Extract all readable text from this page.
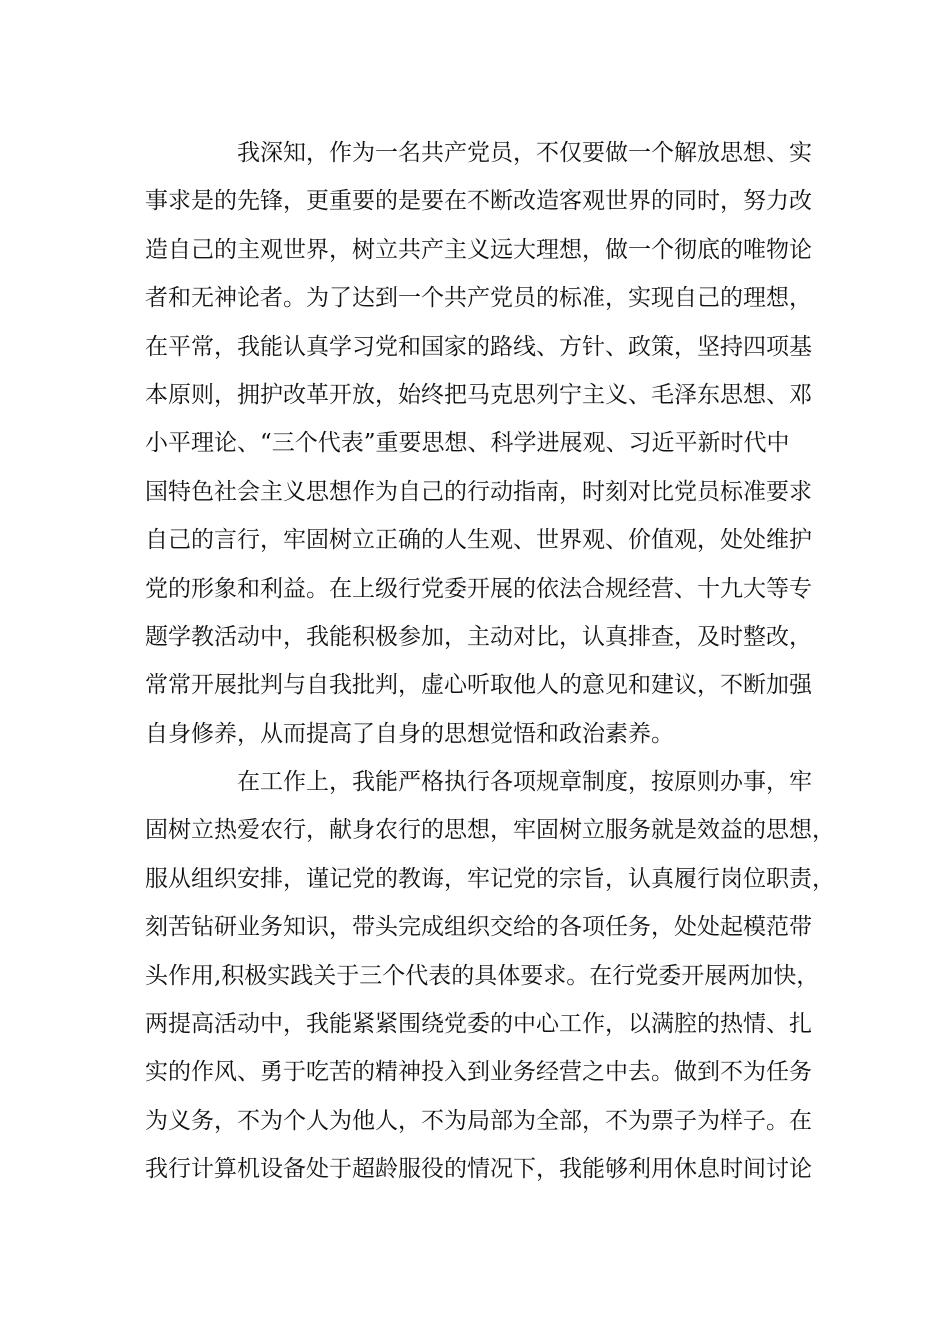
我深知，作为一名共产党员，不仅要做一个解放思想、实
事求是的先锋，更重要的是要在不断改造客观世界的同时，努力改
造自己的主观世界，树立共产主义远大理想，做一个彻底的唯物论
者和无神论者。为了达到一个共产党员的标准，实现自己的理想，
在平常，我能认真学习党和国家的路线、方针、政策，坚持四项基
本原则，拥护改革开放，始终把马克思列宁主义、毛泽东思想、邓
小平理论、“三个代表”重要思想、科学进展观、习近平新时代中
国特色社会主义思想作为自己的行动指南，时刻对比党员标准要求
自己的言行，牢固树立正确的人生观、世界观、价值观，处处维护
党的形象和利益。在上级行党委开展的依法合规经营、十九大等专
题学教活动中，我能积极参加，主动对比，认真排查，及时整改，
常常开展批判与自我批判，虚心听取他人的意见和建议，不断加强
自身修养，从而提高了自身的思想觉悟和政治素养。
在工作上，我能严格执行各项规章制度，按原则办事，牢
固树立热爱农行，献身农行的思想，牢固树立服务就是效益的思想，
服从组织安排，谨记党的教诲，牢记党的宗旨，认真履行岗位职责，
刻苦钻研业务知识，带头完成组织交给的各项任务，处处起模范带
头作用,积极实践关于三个代表的具体要求。在行党委开展两加快，
两提高活动中，我能紧紧围绕党委的中心工作，以满腔的热情、扎
实的作风、勇于吃苦的精神投入到业务经营之中去。做到不为任务
为义务，不为个人为他人，不为局部为全部，不为票子为样子。在
我行计算机设备处于超龄服役的情况下，我能够利用休息时间讨论
